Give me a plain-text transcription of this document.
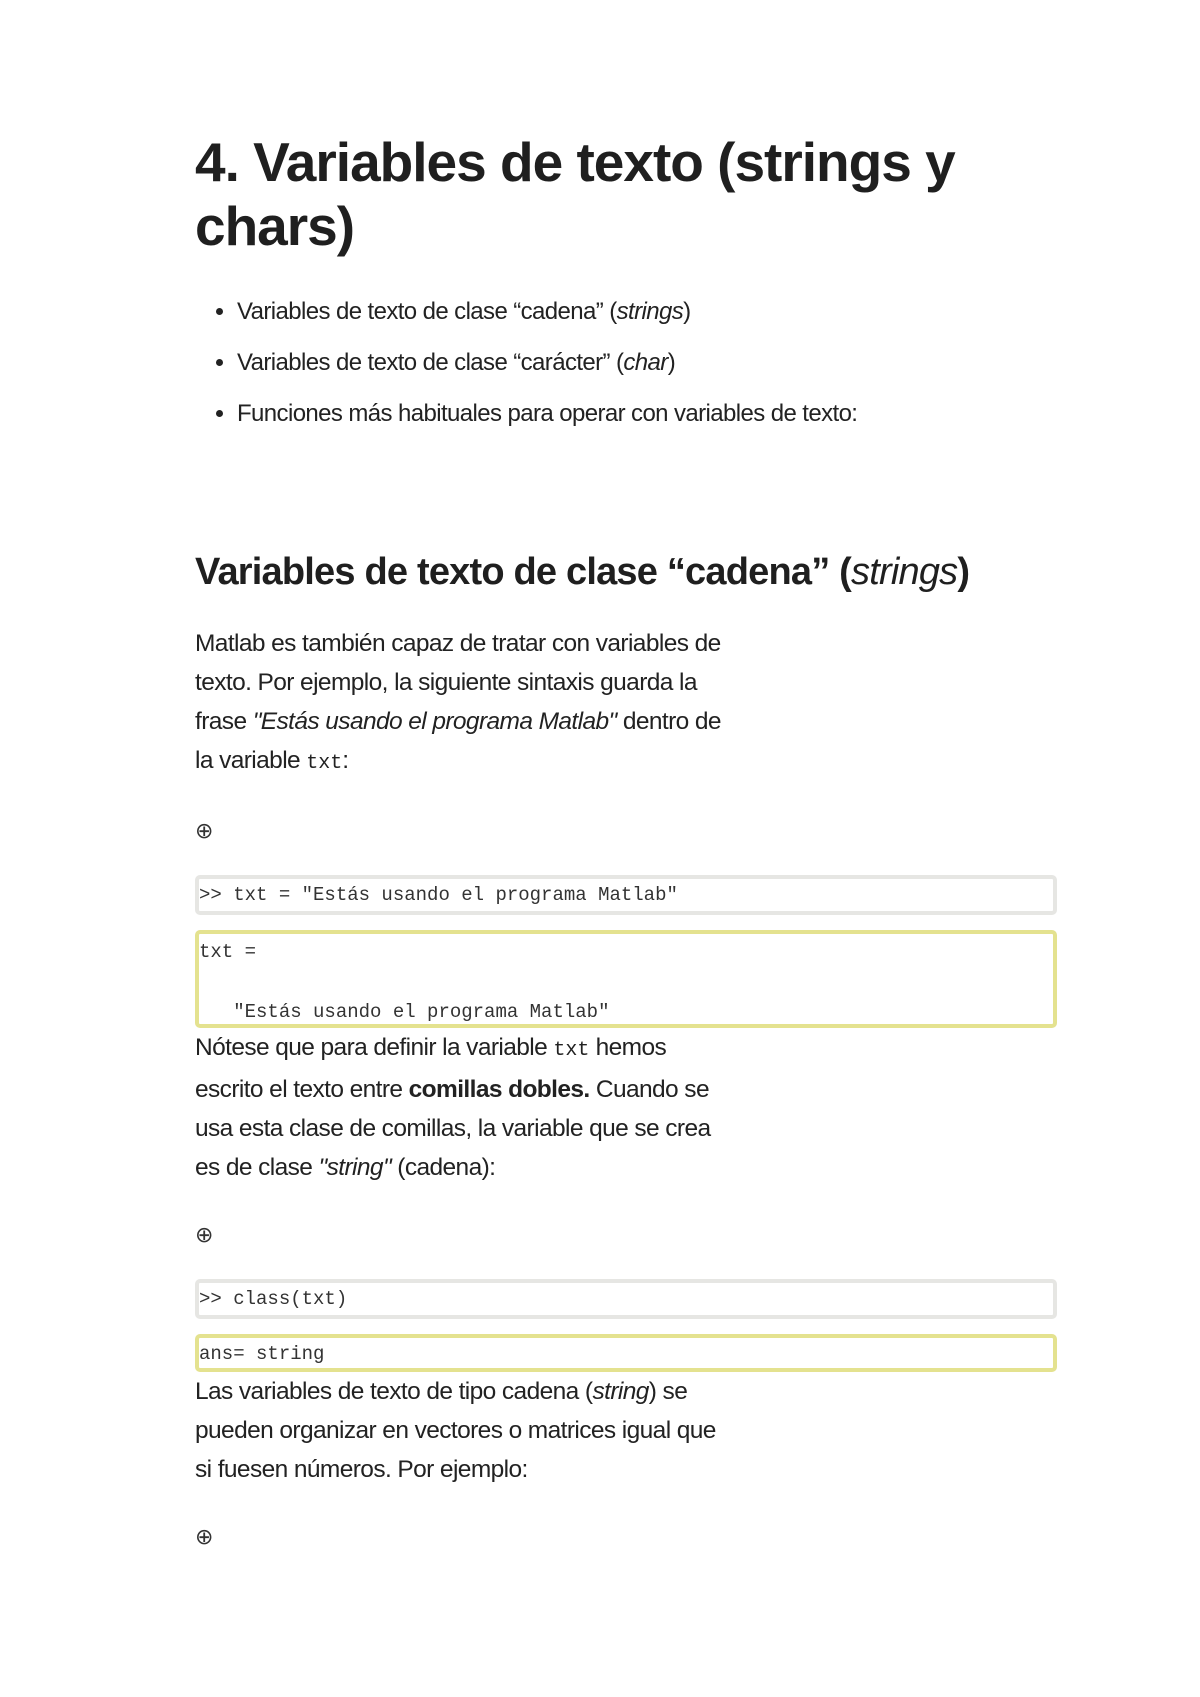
4. Variables de texto (strings y chars)
• Variables de texto de clase “cadena” (strings)
• Variables de texto de clase “carácter” (char)
• Funciones más habituales para operar con variables de texto:
Variables de texto de clase “cadena” (strings)

Matlab es también capaz de tratar con variables de texto. Por ejemplo, la siguiente sintaxis guarda la frase "Estás usando el programa Matlab" dentro de la variable txt:

⊕
>> txt = "Estás usando el programa Matlab"
txt =

"Estás usando el programa Matlab"

Nótese que para definir la variable txt hemos escrito el texto entre comillas dobles. Cuando se usa esta clase de comillas, la variable que se crea es de clase "string" (cadena):

⊕
>> class(txt)
ans= string

Las variables de texto de tipo cadena (string) se pueden organizar en vectores o matrices igual que si fuesen números. Por ejemplo:

⊕
